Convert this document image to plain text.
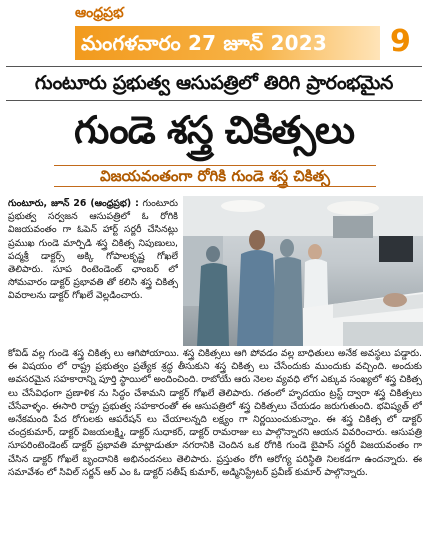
ఆంధ్రప్రభ
మంగళవారం 27 జూన్ 2023 9
గుంటూరు ప్రభుత్వ ఆసుపత్రిలో తిరిగి ప్రారంభమైన
గుండె శస్త్ర చికిత్సలు
విజయవంతంగా రోగికి గుండె శస్త్ర చికిత్స
గుంటూరు, జూన్ 26 (ఆంధ్రప్రభ) : గుంటూరు ప్రభుత్వ సర్వజన ఆసుపత్రిలో ఓ రోగికి విజయవంతం గా ఓపెన్ హార్ట్ సర్జరీ చేసినట్లు ప్రముఖ గుండె మార్పిడి శస్త్ర చికిత్స నిపుణులు, పద్మశ్రీ డాక్టర్స్ అక్కి గోపాలకృష్ణ గోఖలే తెలిపారు. సూప రింటెండెంట్ ఛాంబర్ లో సోమవారం డాక్టర్ ప్రభావతి తో కలిసి శస్త్ర చికిత్స వివరాలను డాక్టర్ గోఖలే వెల్లడించారు.
కోవిడ్ వల్ల గుండె శస్త్ర చికిత్స లు ఆగిపోయాయి. శస్త్ర చికిత్సలు ఆగి పోవడం వల్ల బాధితులు అనేక అవస్థలు పడ్డారు. ఈ విషయం లో రాష్ట్ర ప్రభుత్వం ప్రత్యేక శ్రద్ధ తీసుకుని శస్త్ర చికిత్స లు చేసేందుకు ముందుకు వచ్చింది. అందుకు అవసరమైన సహకారాన్ని పూర్తి స్థాయిలో అందించింది. రాబోయే ఆరు నెలల వ్యవధి లోగ ఎక్కువ సంఖ్యలో శస్త్ర చికిత్స లు చేసేవిధంగా ప్రణాళిక ను సిద్ధం చేశామని డాక్టర్ గోఖలే తెలిపారు. గతంలో హృదయం ట్రస్ట్ ద్వారా శస్త్ర చికిత్సలు చేసేవాళ్ళం. ఈసారి రాష్ట్ర ప్రభుత్వ సహకారంతో ఈ ఆసుపత్రిలో శస్త్ర చికిత్సలు చేయడం జరుగుతుంది. భవిష్యత్ లో అనేకమంది పేద రోగులకు ఆపరేషన్ లు చేయాలన్నది లక్ష్యం గా నిర్ణయించుకున్నాం. ఈ శస్త్ర చికిత్స లో డాక్టర్ చంద్రకుమార్, డాక్టర్ విజయలక్ష్మి, డాక్టర్ సుధాకర్, డాక్టర్ రామరాజు లు పాల్గొన్నారని ఆయన వివరించారు. ఆసుపత్రి సూపరింటెండెంట్ డాక్టర్ ప్రభావతి మాట్లాడుతూ నగరానికి చెందిన ఒక రోగికి గుండె బైపాస్ సర్జరీ విజయవంతం గా చేసిన డాక్టర్ గోఖలే బృందానికి అభినందనలు తెలిపారు. ప్రస్తుతం రోగి ఆరోగ్య పరిస్థితి నిలకడగా ఉందన్నారు. ఈ సమావేశం లో సివిల్ సర్జన్ ఆర్ ఎం ఓ డాక్టర్ సతీష్ కుమార్, అడ్మినిస్ట్రేటర్ ప్రవీణ్ కుమార్ పాల్గొన్నారు.
